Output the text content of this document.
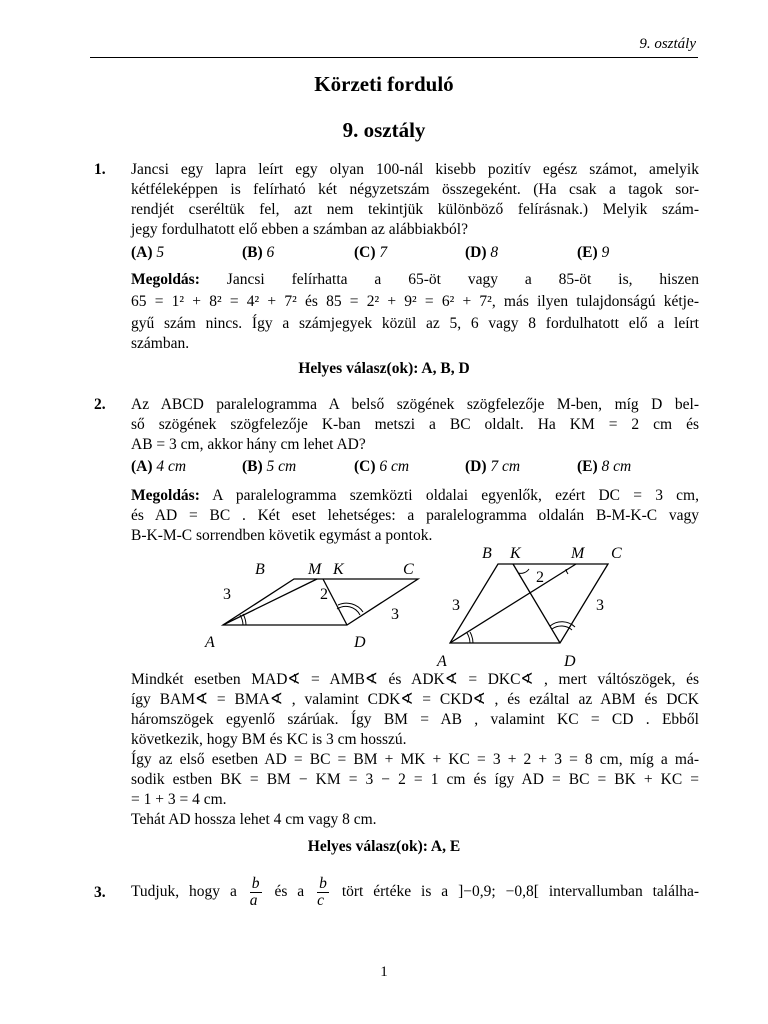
9. osztály
Körzeti forduló
9. osztály
1. Jancsi egy lapra leírt egy olyan 100-nál kisebb pozitív egész számot, amelyik
kétféleképpen is felírható két négyzetszám összegeként. (Ha csak a tagok sor-
rendjét cseréltük fel, azt nem tekintjük különböző felírásnak.) Melyik szám-
jegy fordulhatott elő ebben a számban az alábbiakból?
(A) 5	(B) 6	(C) 7	(D) 8	(E) 9
Megoldás: Jancsi felírhatta a 65-öt vagy a 85-öt is, hiszen
65 = 1² + 8² = 4² + 7² és 85 = 2² + 9² = 6² + 7², más ilyen tulajdonságú kétje-
gyű szám nincs. Így a számjegyek közül az 5, 6 vagy 8 fordulhatott elő a leírt
számban.
Helyes válasz(ok): A, B, D
2. Az ABCD paralelogramma A belső szögének szögfelezője M-ben, míg D bel-
ső szögének szögfelezője K-ban metszi a BC oldalt. Ha KM = 2 cm és
AB = 3 cm, akkor hány cm lehet AD?
(A) 4 cm	(B) 5 cm	(C) 6 cm	(D) 7 cm	(E) 8 cm
Megoldás: A paralelogramma szemközti oldalai egyenlők, ezért DC = 3 cm,
és AD = BC . Két eset lehetséges: a paralelogramma oldalán B-M-K-C vagy
B-K-M-C sorrendben követik egymást a pontok.
B	M K	C
A	D
3	2
3
B K	M C
A	D
3
2
3
Mindkét esetben MAD∢ = AMB∢ és ADK∢ = DKC∢ , mert váltószögek, és
így BAM∢ = BMA∢ , valamint CDK∢ = CKD∢ , és ezáltal az ABM és DCK
háromszögek egyenlő szárúak. Így BM = AB , valamint KC = CD . Ebből
következik, hogy BM és KC is 3 cm hosszú.
Így az első esetben AD = BC = BM + MK + KC = 3 + 2 + 3 = 8 cm, míg a má-
sodik estben BK = BM − KM = 3 − 2 = 1 cm és így AD = BC = BK + KC =
= 1 + 3 = 4 cm.
Tehát AD hossza lehet 4 cm vagy 8 cm.
Helyes válasz(ok): A, E
3. Tudjuk, hogy a $\frac{b}{a}$ és a $\frac{b}{c}$ tört értéke is a ]−0,9; −0,8[ intervallumban találha-
1
